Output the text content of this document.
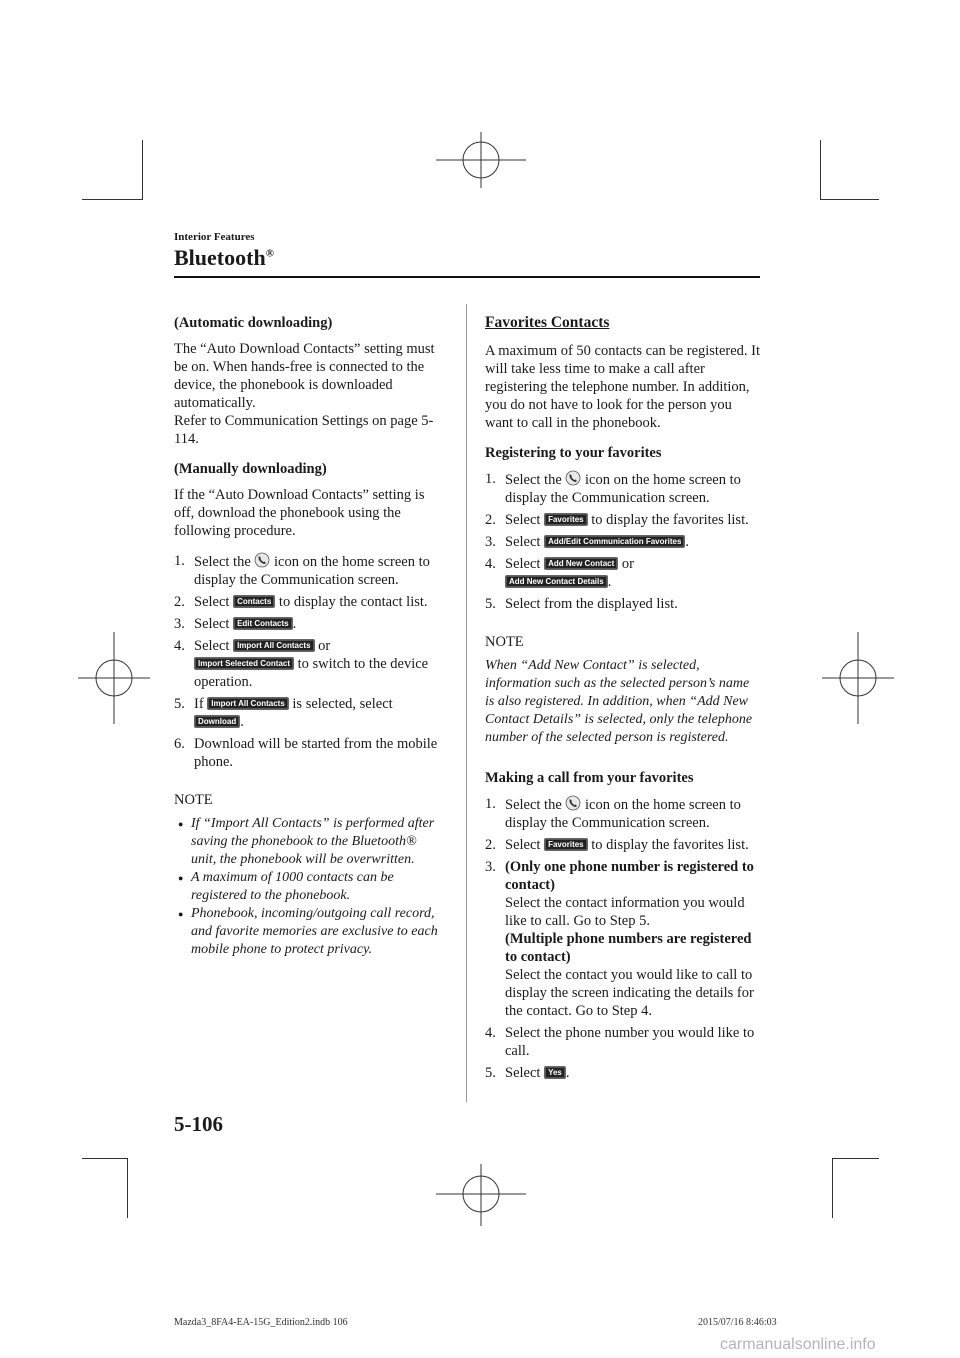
Interior Features
Bluetooth®

(Automatic downloading)

The “Auto Download Contacts” setting must be on. When hands-free is connected to the device, the phonebook is downloaded automatically.

Refer to Communication Settings on page 5-114.

(Manually downloading)

If the “Auto Download Contacts” setting is off, download the phonebook using the following procedure.

1. Select the icon on the home screen to display the Communication screen.
2. Select Contacts to display the contact list.
3. Select Edit Contacts .
4. Select Import All Contacts or
Import Selected Contact to switch to the device operation.
5. If Import All Contacts is selected, select
Download .
6. Download will be started from the mobile phone.

NOTE

● If “Import All Contacts” is performed after saving the phonebook to the Bluetooth® unit, the phonebook will be overwritten.
● A maximum of 1000 contacts can be registered to the phonebook.
● Phonebook, incoming/outgoing call record, and favorite memories are exclusive to each mobile phone to protect privacy.

Favorites Contacts

A maximum of 50 contacts can be registered. It will take less time to make a call after registering the telephone number. In addition, you do not have to look for the person you want to call in the phonebook.

Registering to your favorites

1. Select the icon on the home screen to display the Communication screen.
2. Select Favorites to display the favorites list.
3. Select Add/Edit Communication Favorites .
4. Select Add New Contact or
Add New Contact Details .
5. Select from the displayed list.

NOTE

When “Add New Contact” is selected, information such as the selected person’s name is also registered. In addition, when “Add New Contact Details” is selected, only the telephone number of the selected person is registered.

Making a call from your favorites

1. Select the icon on the home screen to display the Communication screen.
2. Select Favorites to display the favorites list.
3. (Only one phone number is registered to contact)
Select the contact information you would like to call. Go to Step 5.
(Multiple phone numbers are registered to contact)
Select the contact you would like to call to display the screen indicating the details for the contact. Go to Step 4.
4. Select the phone number you would like to call.
5. Select Yes .
5-106
Mazda3_8FA4-EA-15G_Edition2.indb 106	2015/07/16 8:46:03
carmanualsonline.info
